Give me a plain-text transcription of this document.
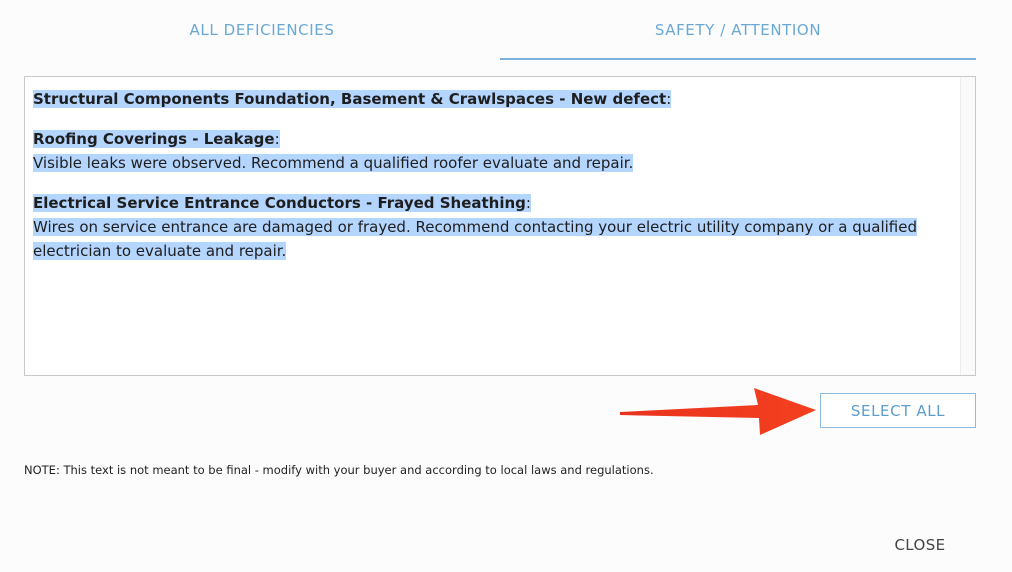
ALL DEFICIENCIES	SAFETY / ATTENTION
Structural Components Foundation, Basement & Crawlspaces - New defect:
Roofing Coverings - Leakage:
Visible leaks were observed. Recommend a qualified roofer evaluate and repair.
Electrical Service Entrance Conductors - Frayed Sheathing:
Wires on service entrance are damaged or frayed. Recommend contacting your electric utility company or a qualified
electrician to evaluate and repair.
SELECT ALL
NOTE: This text is not meant to be final - modify with your buyer and according to local laws and regulations.
CLOSE
